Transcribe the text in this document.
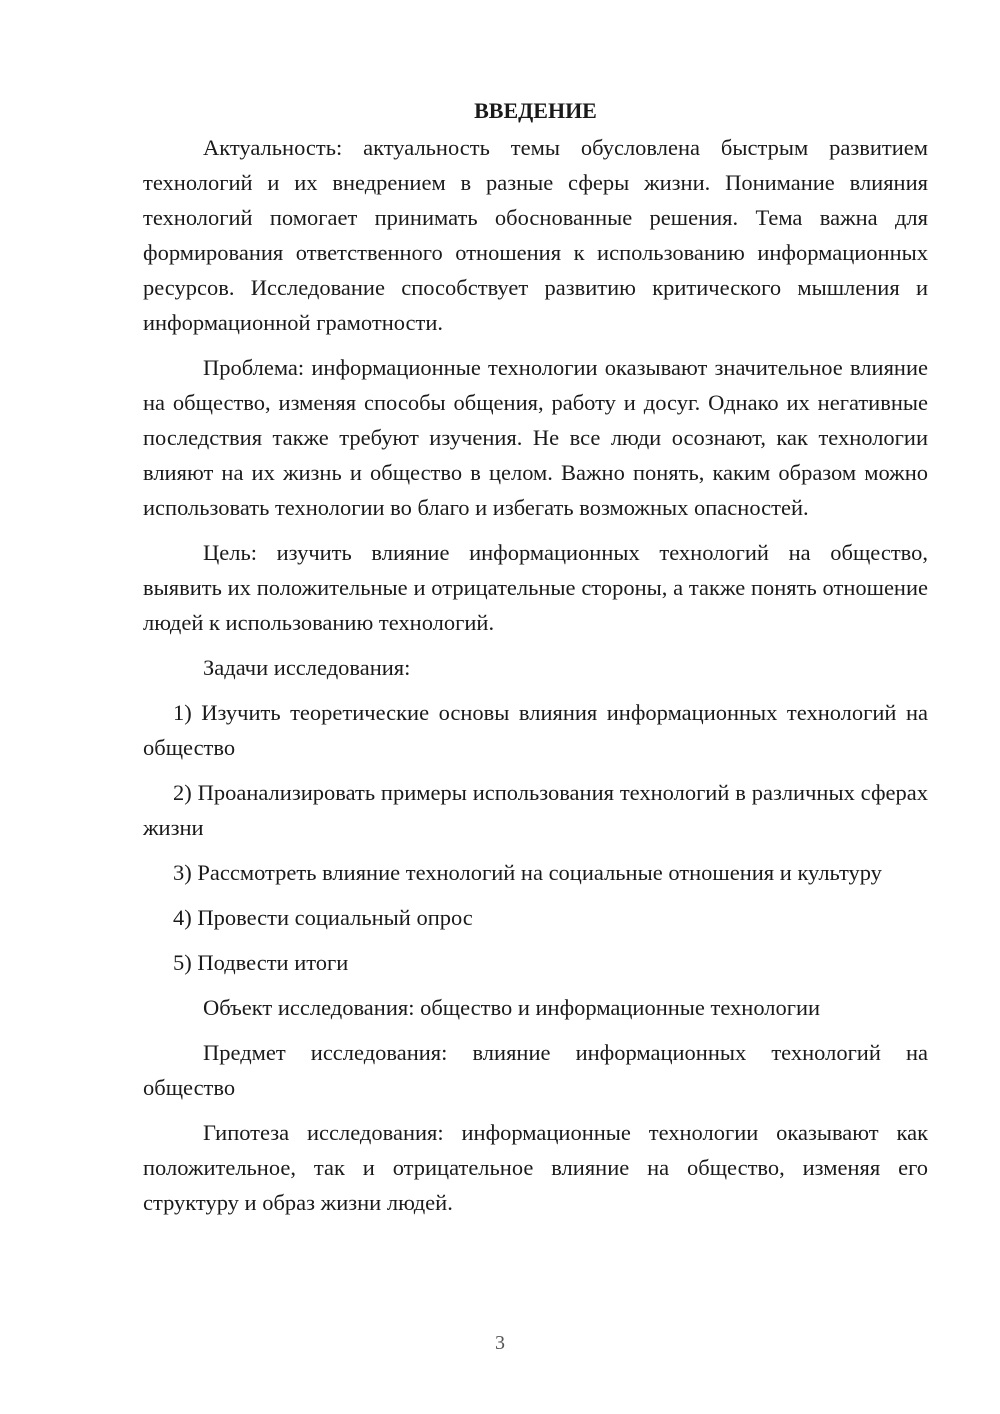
ВВЕДЕНИЕ

Актуальность: актуальность темы обусловлена быстрым развитием технологий и их внедрением в разные сферы жизни. Понимание влияния технологий помогает принимать обоснованные решения. Тема важна для формирования ответственного отношения к использованию информационных ресурсов. Исследование способствует развитию критического мышления и информационной грамотности.

Проблема: информационные технологии оказывают значительное влияние на общество, изменяя способы общения, работу и досуг. Однако их негативные последствия также требуют изучения. Не все люди осознают, как технологии влияют на их жизнь и общество в целом. Важно понять, каким образом можно использовать технологии во благо и избегать возможных опасностей.

Цель: изучить влияние информационных технологий на общество, выявить их положительные и отрицательные стороны, а также понять отношение людей к использованию технологий.

Задачи исследования:

1) Изучить теоретические основы влияния информационных технологий на общество

2) Проанализировать примеры использования технологий в различных сферах жизни

3) Рассмотреть влияние технологий на социальные отношения и культуру

4) Провести социальный опрос

5) Подвести итоги

Объект исследования: общество и информационные технологии

Предмет исследования: влияние информационных технологий на общество

Гипотеза исследования: информационные технологии оказывают как положительное, так и отрицательное влияние на общество, изменяя его структуру и образ жизни людей.

3
